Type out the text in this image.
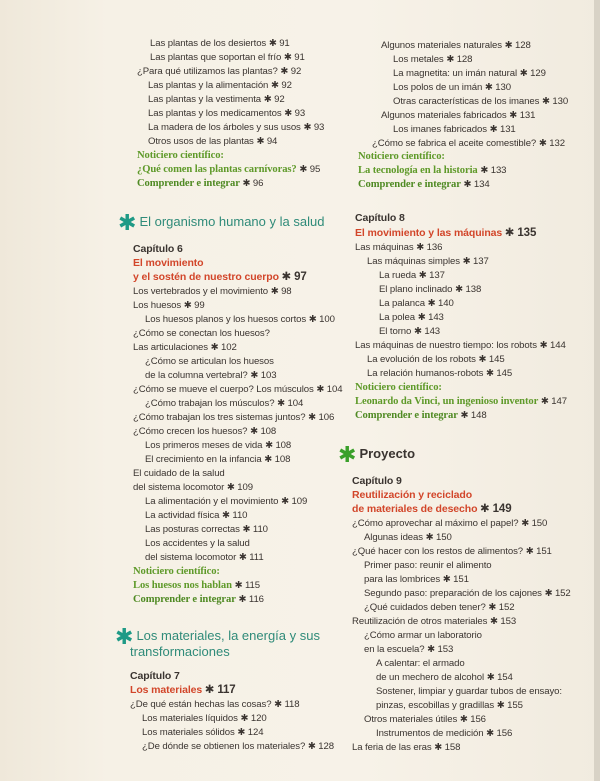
Las plantas de los desiertos ✱ 91
Las plantas que soportan el frío ✱ 91
¿Para qué utilizamos las plantas? ✱ 92
Las plantas y la alimentación ✱ 92
Las plantas y la vestimenta ✱ 92
Las plantas y los medicamentos ✱ 93
La madera de los árboles y sus usos ✱ 93
Otros usos de las plantas ✱ 94
Noticiero científico:
¿Qué comen las plantas carnívoras? ✱ 95
Comprender e integrar ✱ 96
✱ El organismo humano y la salud
Capítulo 6
El movimiento
y el sostén de nuestro cuerpo ✱ 97
Los vertebrados y el movimiento ✱ 98
Los huesos ✱ 99
Los huesos planos y los huesos cortos ✱ 100
¿Cómo se conectan los huesos?
Las articulaciones ✱ 102
¿Cómo se articulan los huesos
de la columna vertebral? ✱ 103
¿Cómo se mueve el cuerpo? Los músculos ✱ 104
¿Cómo trabajan los músculos? ✱ 104
¿Cómo trabajan los tres sistemas juntos? ✱ 106
¿Cómo crecen los huesos? ✱ 108
Los primeros meses de vida ✱ 108
El crecimiento en la infancia ✱ 108
El cuidado de la salud
del sistema locomotor ✱ 109
La alimentación y el movimiento ✱ 109
La actividad física ✱ 110
Las posturas correctas ✱ 110
Los accidentes y la salud
del sistema locomotor ✱ 111
Noticiero científico:
Los huesos nos hablan ✱ 115
Comprender e integrar ✱ 116
✱ Los materiales, la energía y sus
transformaciones
Capítulo 7
Los materiales ✱ 117
¿De qué están hechas las cosas? ✱ 118
Los materiales líquidos ✱ 120
Los materiales sólidos ✱ 124
¿De dónde se obtienen los materiales? ✱ 128
Algunos materiales naturales ✱ 128
Los metales ✱ 128
La magnetita: un imán natural ✱ 129
Los polos de un imán ✱ 130
Otras características de los imanes ✱ 130
Algunos materiales fabricados ✱ 131
Los imanes fabricados ✱ 131
¿Cómo se fabrica el aceite comestible? ✱ 132
Noticiero científico:
La tecnología en la historia ✱ 133
Comprender e integrar ✱ 134
Capítulo 8
El movimiento y las máquinas ✱ 135
Las máquinas ✱ 136
Las máquinas simples ✱ 137
La rueda ✱ 137
El plano inclinado ✱ 138
La palanca ✱ 140
La polea ✱ 143
El torno ✱ 143
Las máquinas de nuestro tiempo: los robots ✱ 144
La evolución de los robots ✱ 145
La relación humanos-robots ✱ 145
Noticiero científico:
Leonardo da Vinci, un ingenioso inventor ✱ 147
Comprender e integrar ✱ 148
✱ Proyecto
Capítulo 9
Reutilización y reciclado
de materiales de desecho ✱ 149
¿Cómo aprovechar al máximo el papel? ✱ 150
Algunas ideas ✱ 150
¿Qué hacer con los restos de alimentos? ✱ 151
Primer paso: reunir el alimento
para las lombrices ✱ 151
Segundo paso: preparación de los cajones ✱ 152
¿Qué cuidados deben tener? ✱ 152
Reutilización de otros materiales ✱ 153
¿Cómo armar un laboratorio
en la escuela? ✱ 153
A calentar: el armado
de un mechero de alcohol ✱ 154
Sostener, limpiar y guardar tubos de ensayo:
pinzas, escobillas y gradillas ✱ 155
Otros materiales útiles ✱ 156
Instrumentos de medición ✱ 156
La feria de las eras ✱ 158
